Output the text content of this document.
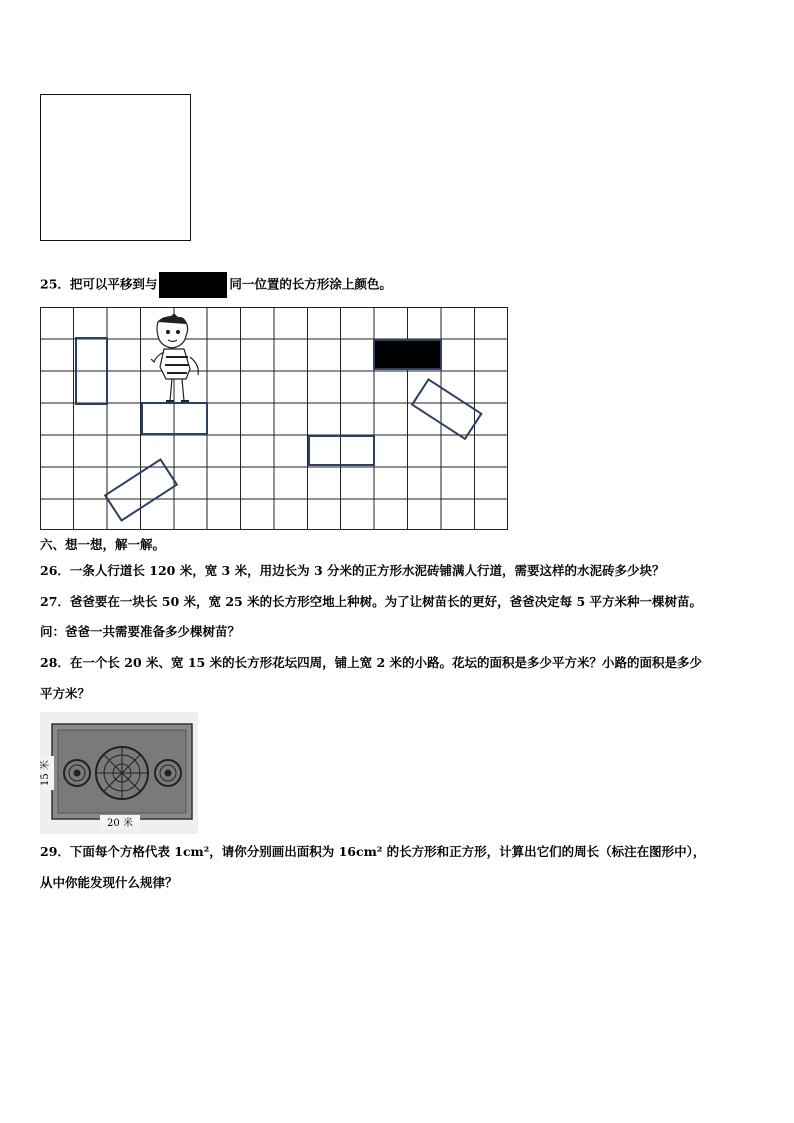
25．把可以平移到与	同一位置的长方形涂上颜色。
六、想一想，解一解。
26．一条人行道长 120 米，宽 3 米，用边长为 3 分米的正方形水泥砖铺满人行道，需要这样的水泥砖多少块？
27．爸爸要在一块长 50 米，宽 25 米的长方形空地上种树。为了让树苗长的更好，爸爸决定每 5 平方米种一棵树苗。
问：爸爸一共需要准备多少棵树苗？
28．在一个长 20 米、宽 15 米的长方形花坛四周，铺上宽 2 米的小路。花坛的面积是多少平方米？小路的面积是多少
平方米？
20 米
15 米
29．下面每个方格代表 1cm²，请你分别画出面积为 16cm² 的长方形和正方形，计算出它们的周长（标注在图形中），
从中你能发现什么规律？
